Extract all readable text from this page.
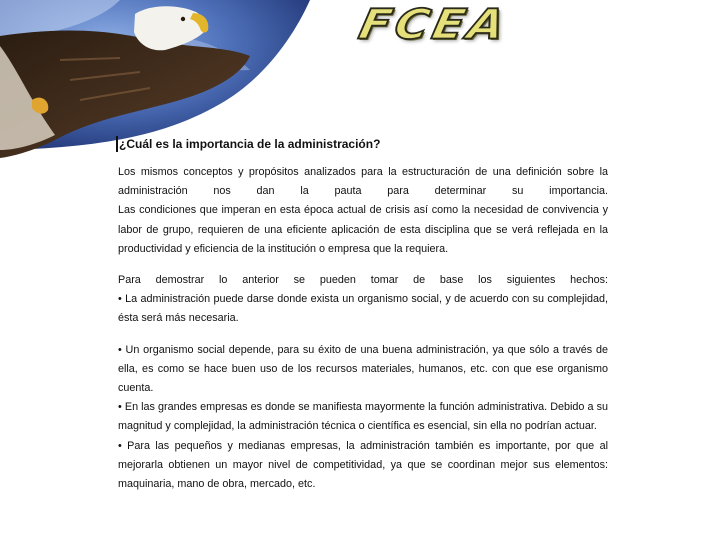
FCEA
¿Cuál es la importancia de la administración?

Los mismos conceptos y propósitos analizados para la estructuración de una definición sobre la administración nos dan la pauta para determinar su importancia.

Las condiciones que imperan en esta época actual de crisis así como la necesidad de convivencia y labor de grupo, requieren de una eficiente aplicación de esta disciplina que se verá reflejada en la productividad y eficiencia de la institución o empresa que la requiera.

Para demostrar lo anterior se pueden tomar de base los siguientes hechos:

• La administración puede darse donde exista un organismo social, y de acuerdo con su complejidad, ésta será más necesaria.

• Un organismo social depende, para su éxito de una buena administración, ya que sólo a través de ella, es como se hace buen uso de los recursos materiales, humanos, etc. con que ese organismo cuenta.

• En las grandes empresas es donde se manifiesta mayormente la función administrativa. Debido a su magnitud y complejidad, la administración técnica o científica es esencial, sin ella no podrían actuar.

• Para las pequeños y medianas empresas, la administración también es importante, por que al mejorarla obtienen un mayor nivel de competitividad, ya que se coordinan mejor sus elementos: maquinaria, mano de obra, mercado, etc.
